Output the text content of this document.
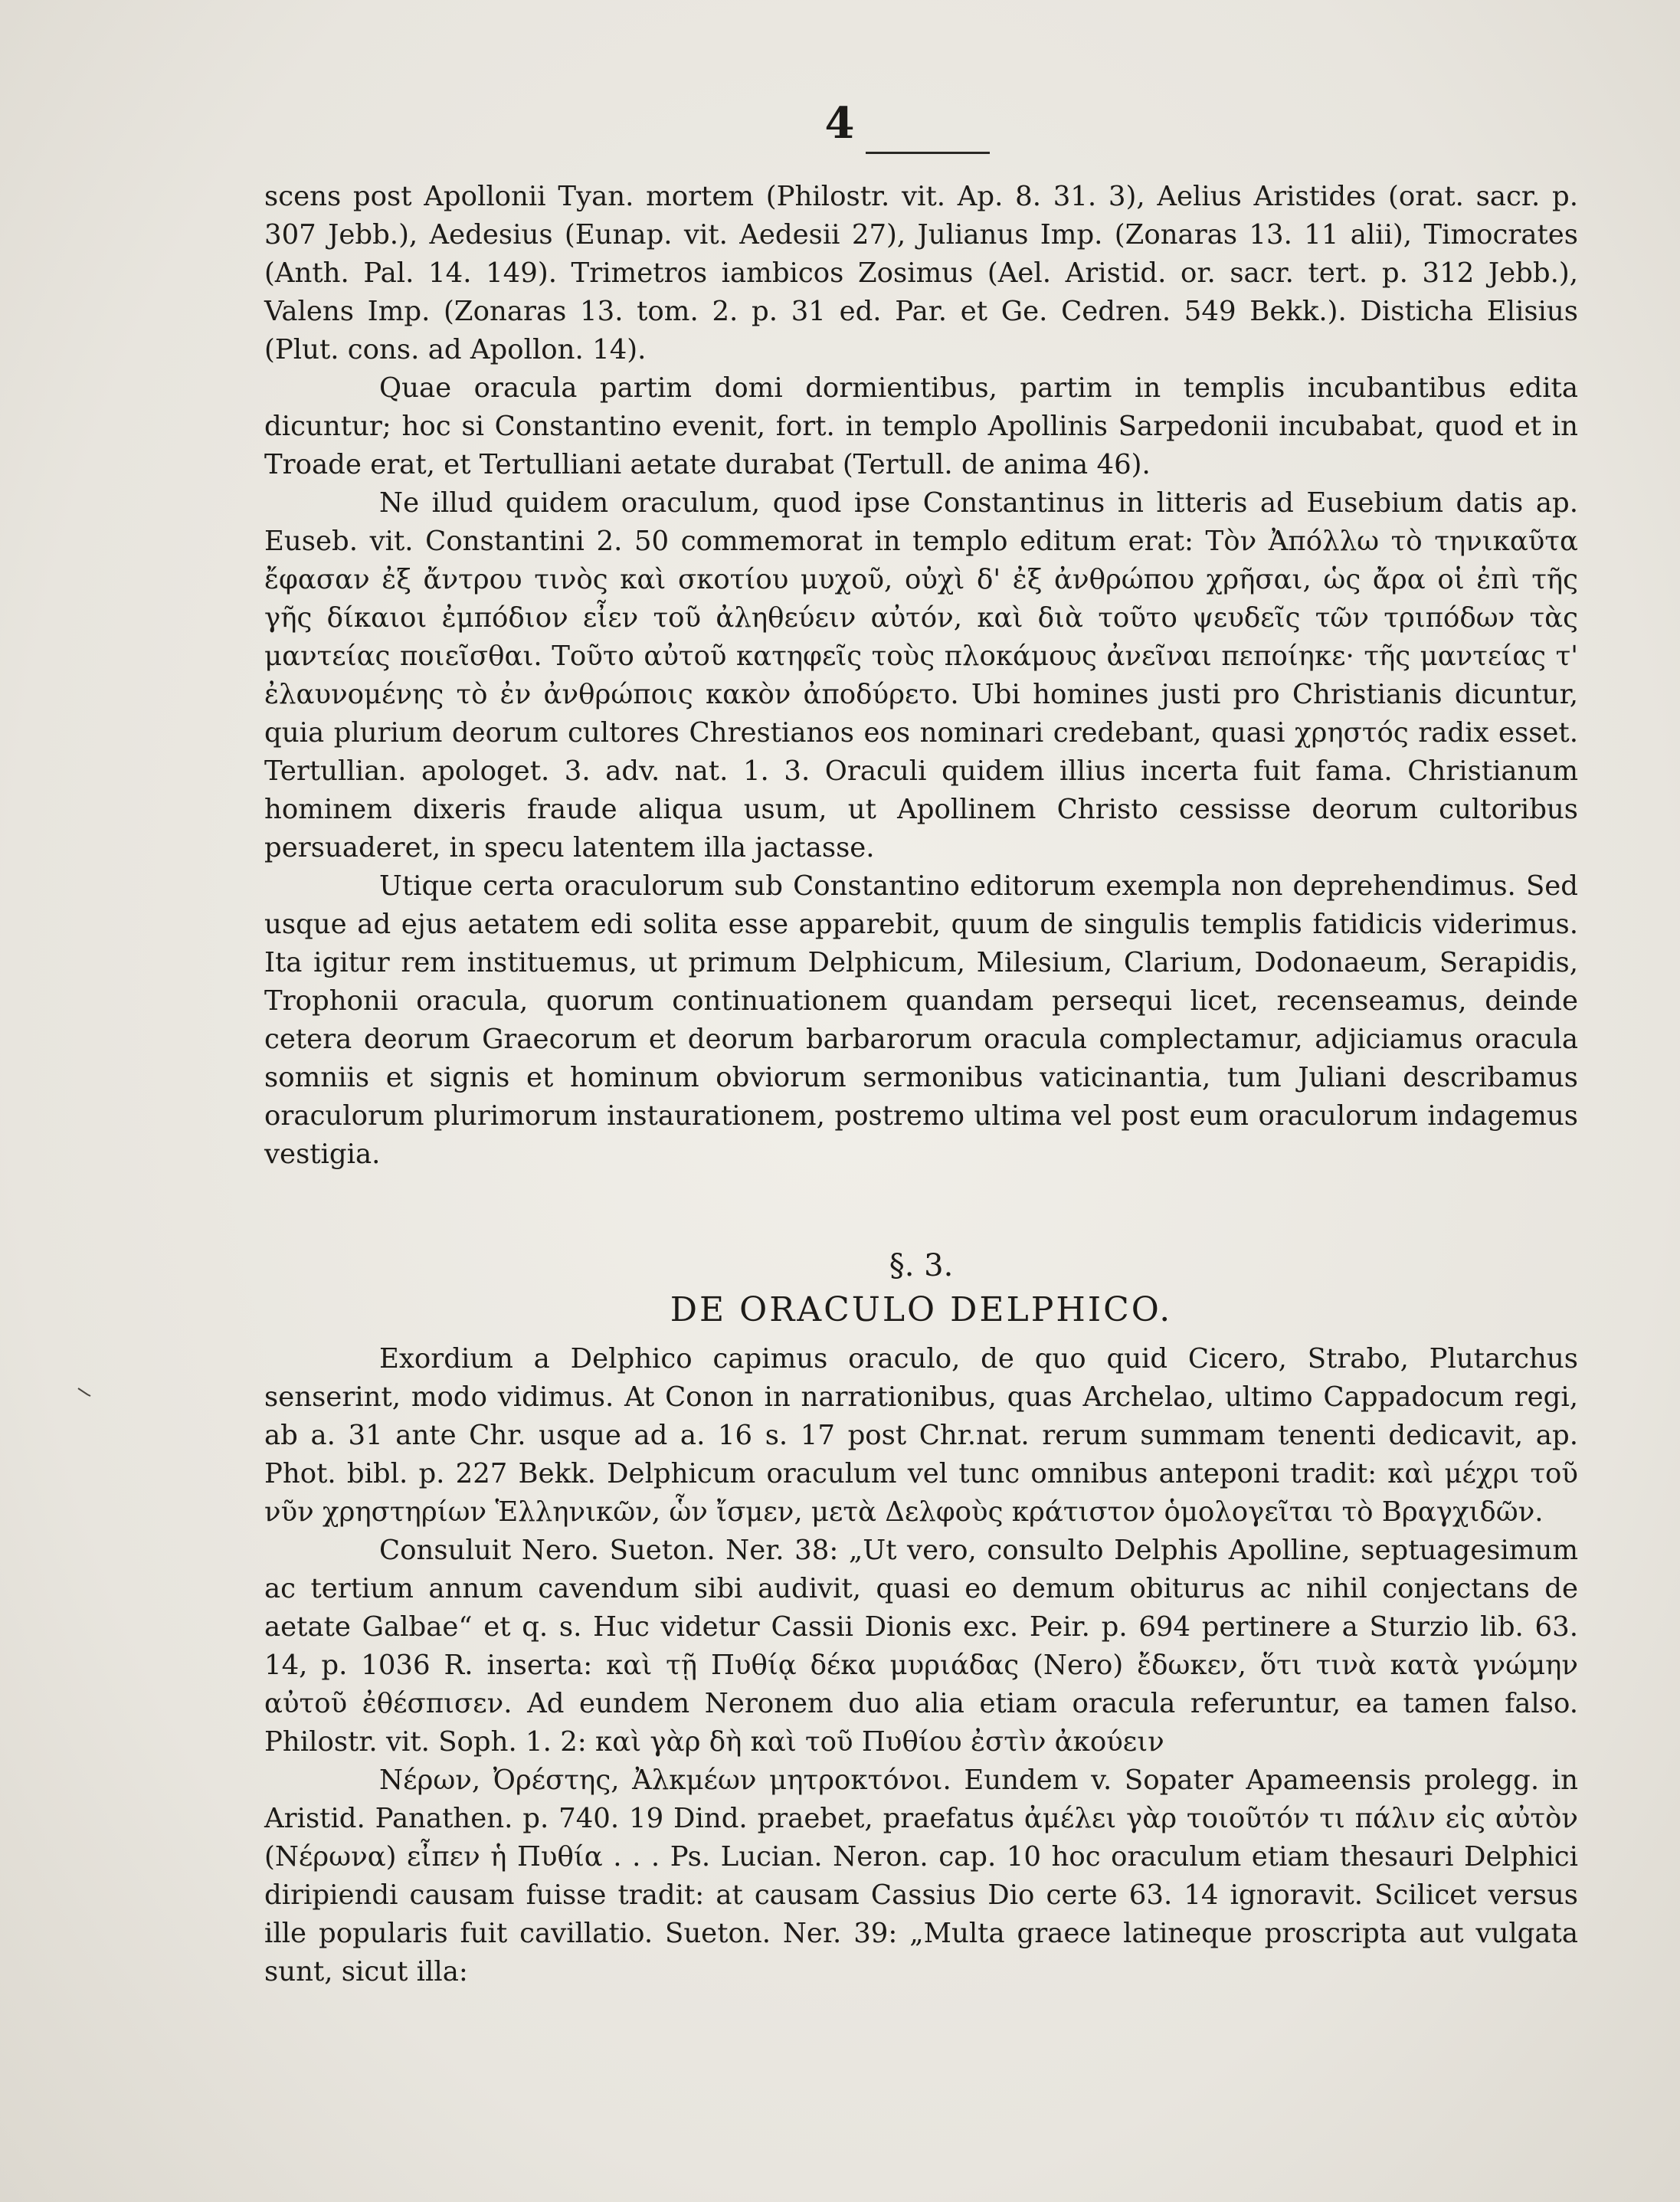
4

scens post Apollonii Tyan. mortem (Philostr. vit. Ap. 8. 31. 3), Aelius Aristides (orat. sacr. p. 307 Jebb.), Aedesius (Eunap. vit. Aedesii 27), Julianus Imp. (Zonaras 13. 11 alii), Timocrates (Anth. Pal. 14. 149). Trimetros iambicos Zosimus (Ael. Aristid. or. sacr. tert. p. 312 Jebb.), Valens Imp. (Zonaras 13. tom. 2. p. 31 ed. Par. et Ge. Cedren. 549 Bekk.). Disticha Elisius (Plut. cons. ad Apollon. 14).

Quae oracula partim domi dormientibus, partim in templis incubantibus edita dicuntur; hoc si Constantino evenit, fort. in templo Apollinis Sarpedonii incubabat, quod et in Troade erat, et Tertulliani aetate durabat (Tertull. de anima 46).

Ne illud quidem oraculum, quod ipse Constantinus in litteris ad Eusebium datis ap. Euseb. vit. Constantini 2. 50 commemorat in templo editum erat: Τὸν Ἀπόλλω τὸ τηνικαῦτα ἔφασαν ἐξ ἄντρου τινὸς καὶ σκοτίου μυχοῦ, οὐχὶ δ' ἐξ ἀνθρώπου χρῆσαι, ὡς ἄρα οἱ ἐπὶ τῆς γῆς δίκαιοι ἐμπόδιον εἶεν τοῦ ἀληθεύειν αὐτόν, καὶ διὰ τοῦτο ψευδεῖς τῶν τριπόδων τὰς μαντείας ποιεῖσθαι. Τοῦτο αὐτοῦ κατηφεῖς τοὺς πλοκάμους ἀνεῖναι πεποίηκε· τῆς μαντείας τ' ἐλαυνομένης τὸ ἐν ἀνθρώποις κακὸν ἀποδύρετο. Ubi homines justi pro Christianis dicuntur, quia plurium deorum cultores Chrestianos eos nominari credebant, quasi χρηστός radix esset. Tertullian. apologet. 3. adv. nat. 1. 3. Oraculi quidem illius incerta fuit fama. Christianum hominem dixeris fraude aliqua usum, ut Apollinem Christo cessisse deorum cultoribus persuaderet, in specu latentem illa jactasse.

Utique certa oraculorum sub Constantino editorum exempla non deprehendimus. Sed usque ad ejus aetatem edi solita esse apparebit, quum de singulis templis fatidicis viderimus. Ita igitur rem instituemus, ut primum Delphicum, Milesium, Clarium, Dodonaeum, Serapidis, Trophonii oracula, quorum continuationem quandam persequi licet, recenseamus, deinde cetera deorum Graecorum et deorum barbarorum oracula complectamur, adjiciamus oracula somniis et signis et hominum obviorum sermonibus vaticinantia, tum Juliani describamus oraculorum plurimorum instaurationem, postremo ultima vel post eum oraculorum indagemus vestigia.

§. 3.
DE ORACULO DELPHICO.

Exordium a Delphico capimus oraculo, de quo quid Cicero, Strabo, Plutarchus senserint, modo vidimus. At Conon in narrationibus, quas Archelao, ultimo Cappadocum regi, ab a. 31 ante Chr. usque ad a. 16 s. 17 post Chr.nat. rerum summam tenenti dedicavit, ap. Phot. bibl. p. 227 Bekk. Delphicum oraculum vel tunc omnibus anteponi tradit: καὶ μέχρι τοῦ νῦν χρηστηρίων Ἑλληνικῶν, ὧν ἴσμεν, μετὰ Δελφοὺς κράτιστον ὁμολογεῖται τὸ Βραγχιδῶν.

Consuluit Nero. Sueton. Ner. 38: „Ut vero, consulto Delphis Apolline, septuagesimum ac tertium annum cavendum sibi audivit, quasi eo demum obiturus ac nihil conjectans de aetate Galbae“ et q. s. Huc videtur Cassii Dionis exc. Peir. p. 694 pertinere a Sturzio lib. 63. 14, p. 1036 R. inserta: καὶ τῇ Πυθίᾳ δέκα μυριάδας (Nero) ἔδωκεν, ὅτι τινὰ κατὰ γνώμην αὐτοῦ ἐθέσπισεν. Ad eundem Neronem duo alia etiam oracula referuntur, ea tamen falso. Philostr. vit. Soph. 1. 2: καὶ γὰρ δὴ καὶ τοῦ Πυθίου ἐστὶν ἀκούειν

Νέρων, Ὀρέστης, Ἀλκμέων μητροκτόνοι. Eundem v. Sopater Apameensis prolegg. in Aristid. Panathen. p. 740. 19 Dind. praebet, praefatus ἀμέλει γὰρ τοιοῦτόν τι πάλιν εἰς αὐτὸν (Νέρωνα) εἶπεν ἡ Πυθία . . . Ps. Lucian. Neron. cap. 10 hoc oraculum etiam thesauri Delphici diripiendi causam fuisse tradit: at causam Cassius Dio certe 63. 14 ignoravit. Scilicet versus ille popularis fuit cavillatio. Sueton. Ner. 39: „Multa graece latineque proscripta aut vulgata sunt, sicut illa:
